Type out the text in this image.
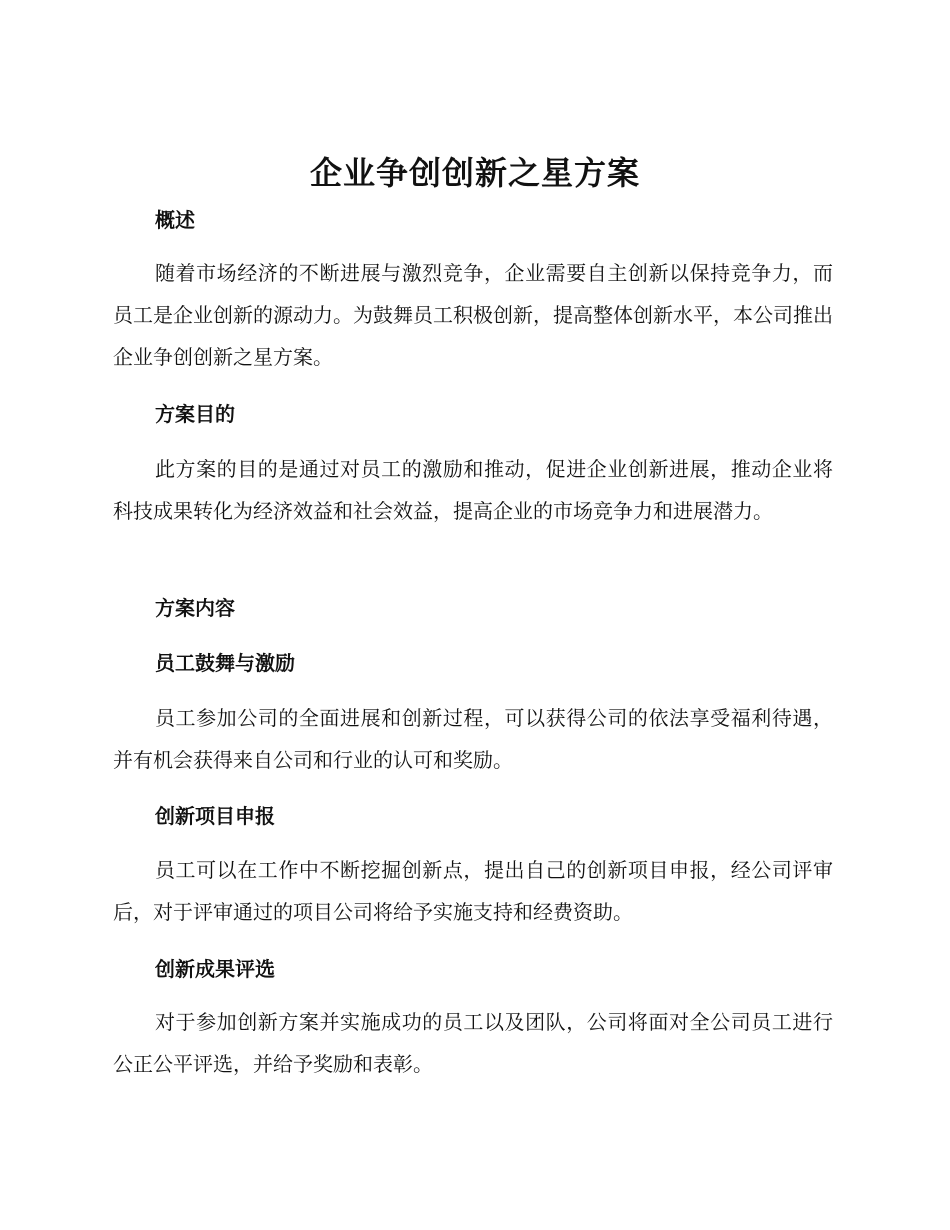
企业争创创新之星方案
概述

随着市场经济的不断进展与激烈竞争，企业需要自主创新以保持竞争力，而员工是企业创新的源动力。为鼓舞员工积极创新，提高整体创新水平，本公司推出企业争创创新之星方案。

方案目的

此方案的目的是通过对员工的激励和推动，促进企业创新进展，推动企业将科技成果转化为经济效益和社会效益，提高企业的市场竞争力和进展潜力。

方案内容
员工鼓舞与激励

员工参加公司的全面进展和创新过程，可以获得公司的依法享受福利待遇，并有机会获得来自公司和行业的认可和奖励。

创新项目申报

员工可以在工作中不断挖掘创新点，提出自己的创新项目申报，经公司评审后，对于评审通过的项目公司将给予实施支持和经费资助。

创新成果评选

对于参加创新方案并实施成功的员工以及团队，公司将面对全公司员工进行公正公平评选，并给予奖励和表彰。
